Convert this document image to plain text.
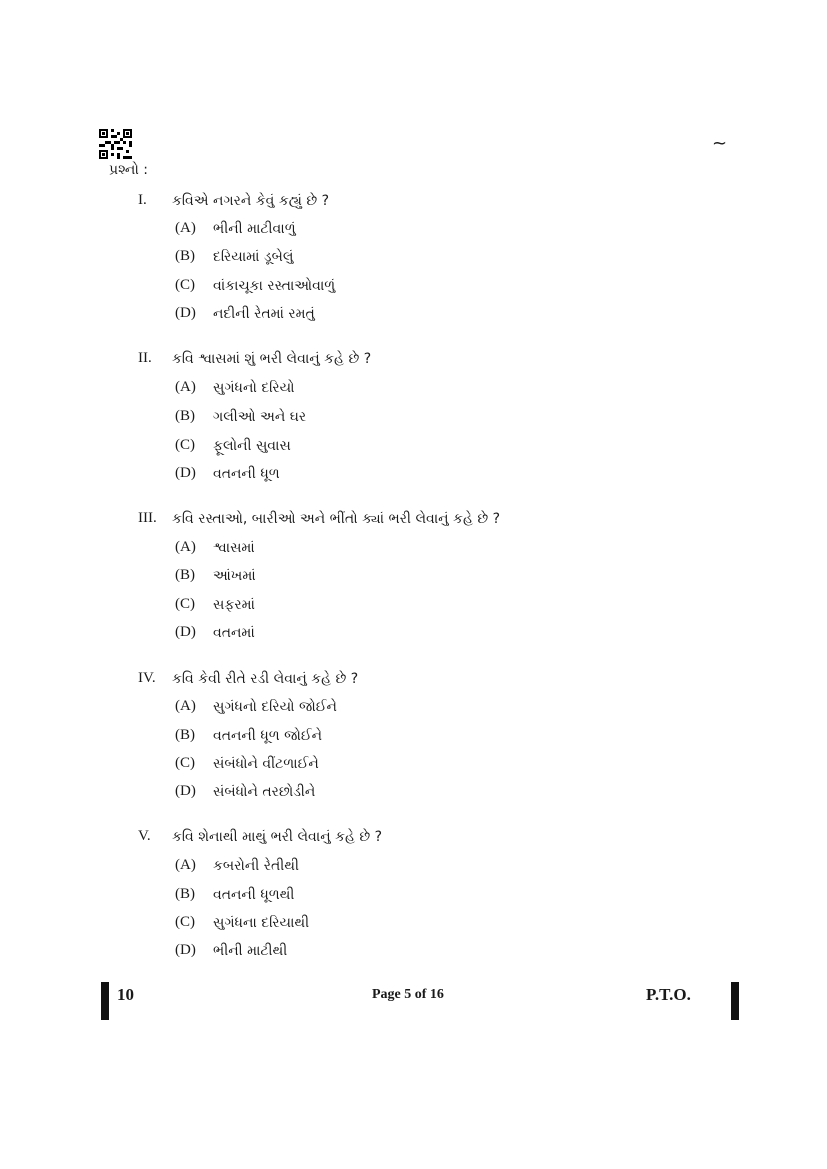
~
પ્રશ્નો :
I. કવિએ નગરને કેવું કહ્યું છે ?
(A) ભીની માટીવાળું
(B) દરિયામાં ડૂબેલું
(C) વાંકાચૂકા રસ્તાઓવાળું
(D) નદીની રેતમાં રમતું
II. કવિ શ્વાસમાં શું ભરી લેવાનું કહે છે ?
(A) સુગંધનો દરિયો
(B) ગલીઓ અને ઘર
(C) ફૂલોની સુવાસ
(D) વતનની ધૂળ
III. કવિ રસ્તાઓ, બારીઓ અને ભીંતો ક્યાં ભરી લેવાનું કહે છે ?
(A) શ્વાસમાં
(B) આંખમાં
(C) સફરમાં
(D) વતનમાં
IV. કવિ કેવી રીતે રડી લેવાનું કહે છે ?
(A) સુગંધનો દરિયો જોઈને
(B) વતનની ધૂળ જોઈને
(C) સંબંધોને વીંટળાઈને
(D) સંબંધોને તરછોડીને
V. કવિ શેનાથી માથું ભરી લેવાનું કહે છે ?
(A) કબરોની રેતીથી
(B) વતનની ધૂળથી
(C) સુગંધના દરિયાથી
(D) ભીની માટીથી
10	Page 5 of 16	P.T.O.
